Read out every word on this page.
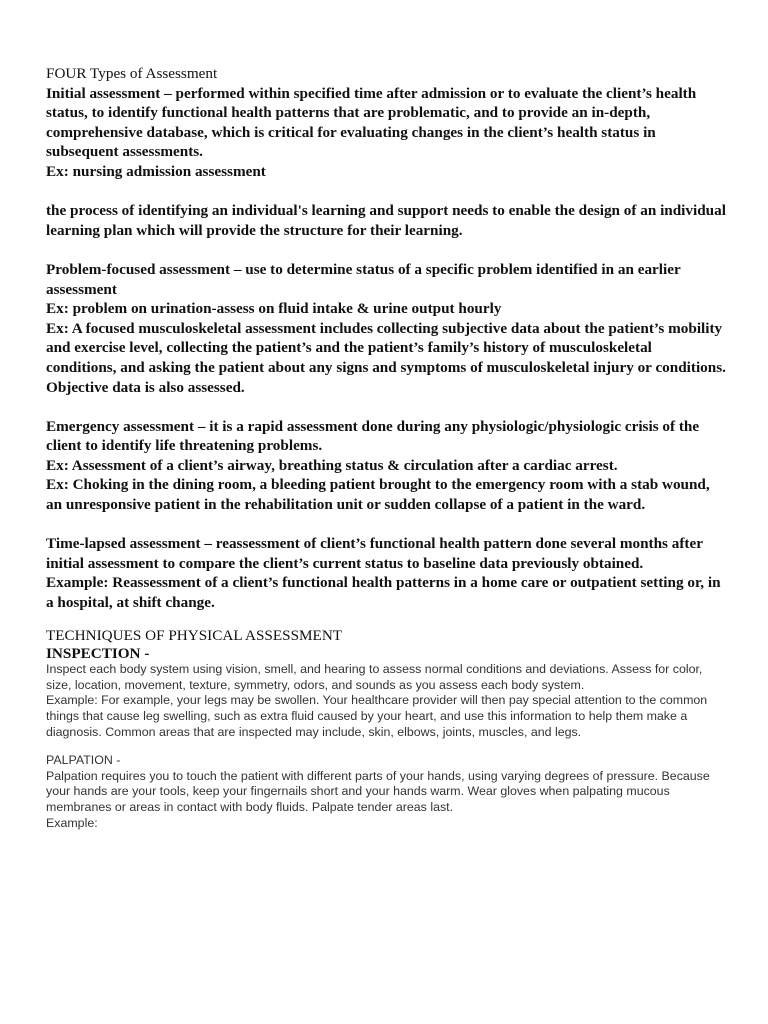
FOUR Types of Assessment

Initial assessment – performed within specified time after admission or to evaluate the client’s health status, to identify functional health patterns that are problematic, and to provide an in-depth, comprehensive database, which is critical for evaluating changes in the client’s health status in subsequent assessments.

Ex: nursing admission assessment

the process of identifying an individual's learning and support needs to enable the design of an individual learning plan which will provide the structure for their learning.

Problem-focused assessment – use to determine status of a specific problem identified in an earlier assessment

Ex: problem on urination-assess on fluid intake & urine output hourly

Ex: A focused musculoskeletal assessment includes collecting subjective data about the patient’s mobility and exercise level, collecting the patient’s and the patient’s family’s history of musculoskeletal conditions, and asking the patient about any signs and symptoms of musculoskeletal injury or conditions. Objective data is also assessed.

Emergency assessment – it is a rapid assessment done during any physiologic/physiologic crisis of the client to identify life threatening problems.

Ex: Assessment of a client’s airway, breathing status & circulation after a cardiac arrest.

Ex: Choking in the dining room, a bleeding patient brought to the emergency room with a stab wound, an unresponsive patient in the rehabilitation unit or sudden collapse of a patient in the ward.

Time-lapsed assessment – reassessment of client’s functional health pattern done several months after initial assessment to compare the client’s current status to baseline data previously obtained.

Example: Reassessment of a client’s functional health patterns in a home care or outpatient setting or, in a hospital, at shift change.

TECHNIQUES OF PHYSICAL ASSESSMENT
INSPECTION -

Inspect each body system using vision, smell, and hearing to assess normal conditions and deviations. Assess for color, size, location, movement, texture, symmetry, odors, and sounds as you assess each body system.

Example: For example, your legs may be swollen. Your healthcare provider will then pay special attention to the common things that cause leg swelling, such as extra fluid caused by your heart, and use this information to help them make a diagnosis. Common areas that are inspected may include, skin, elbows, joints, muscles, and legs.

PALPATION -

Palpation requires you to touch the patient with different parts of your hands, using varying degrees of pressure. Because your hands are your tools, keep your fingernails short and your hands warm. Wear gloves when palpating mucous membranes or areas in contact with body fluids. Palpate tender areas last.

Example:
